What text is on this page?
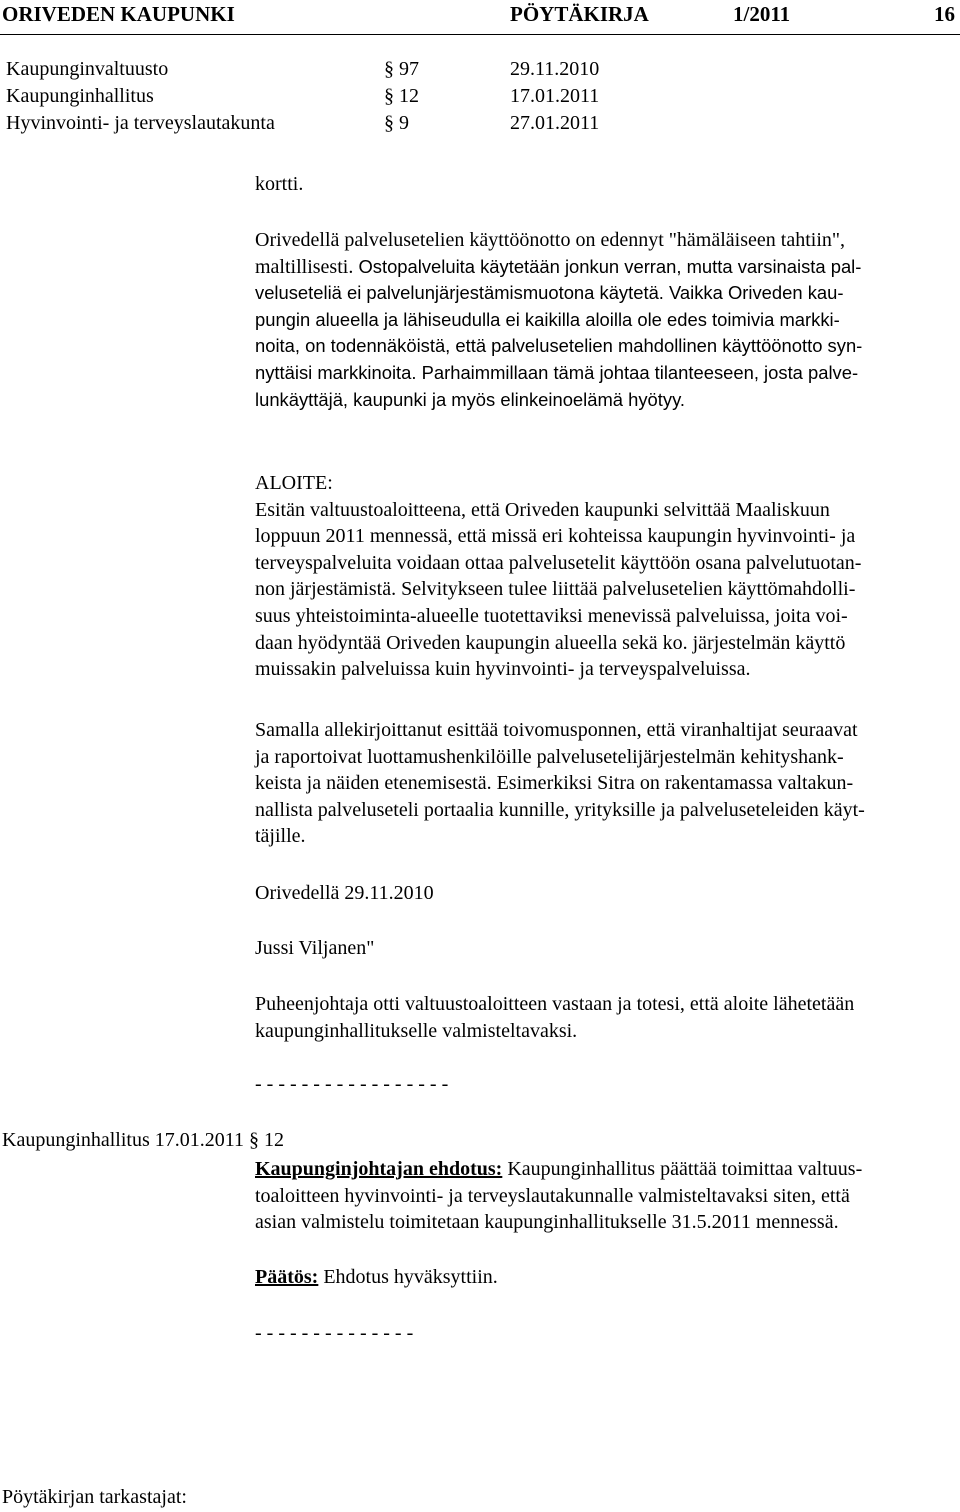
ORIVEDEN KAUPUNKI	PÖYTÄKIRJA	1/2011	16
Kaupunginvaltuusto	§ 97	29.11.2010
Kaupunginhallitus	§ 12	17.01.2011
Hyvinvointi- ja terveyslautakunta	§ 9	27.01.2011
kortti.
Orivedellä palvelusetelien käyttöönotto on edennyt "hämäläiseen tahtiin",
maltillisesti. Ostopalveluita käytetään jonkun verran, mutta varsinaista pal-
veluseteliä ei palvelunjärjestämismuotona käytetä. Vaikka Oriveden kau-
pungin alueella ja lähiseudulla ei kaikilla aloilla ole edes toimivia markki-
noita, on todennäköistä, että palvelusetelien mahdollinen käyttöönotto syn-
nyttäisi markkinoita. Parhaimmillaan tämä johtaa tilanteeseen, josta palve-
lunkäyttäjä, kaupunki ja myös elinkeinoelämä hyötyy.
ALOITE:
Esitän valtuustoaloitteena, että Oriveden kaupunki selvittää Maaliskuun
loppuun 2011 mennessä, että missä eri kohteissa kaupungin hyvinvointi- ja
terveyspalveluita voidaan ottaa palvelusetelit käyttöön osana palvelutuotan-
non järjestämistä. Selvitykseen tulee liittää palvelusetelien käyttömahdolli-
suus yhteistoiminta-alueelle tuotettaviksi menevissä palveluissa, joita voi-
daan hyödyntää Oriveden kaupungin alueella sekä ko. järjestelmän käyttö
muissakin palveluissa kuin hyvinvointi- ja terveyspalveluissa.
Samalla allekirjoittanut esittää toivomusponnen, että viranhaltijat seuraavat
ja raportoivat luottamushenkilöille palvelusetelijärjestelmän kehityshank-
keista ja näiden etenemisestä. Esimerkiksi Sitra on rakentamassa valtakun-
nallista palveluseteli portaalia kunnille, yrityksille ja palveluseteleiden käyt-
täjille.
Orivedellä 29.11.2010
Jussi Viljanen"
Puheenjohtaja otti valtuustoaloitteen vastaan ja totesi, että aloite lähetetään
kaupunginhallitukselle valmisteltavaksi.
- - - - - - - - - - - - - - - - -
Kaupunginhallitus 17.01.2011 § 12
Kaupunginjohtajan ehdotus: Kaupunginhallitus päättää toimittaa valtuus-
toaloitteen hyvinvointi- ja terveyslautakunnalle valmisteltavaksi siten, että
asian valmistelu toimitetaan kaupunginhallitukselle 31.5.2011 mennessä.
Päätös: Ehdotus hyväksyttiin.
- - - - - - - - - - - - - -
Pöytäkirjan tarkastajat:
